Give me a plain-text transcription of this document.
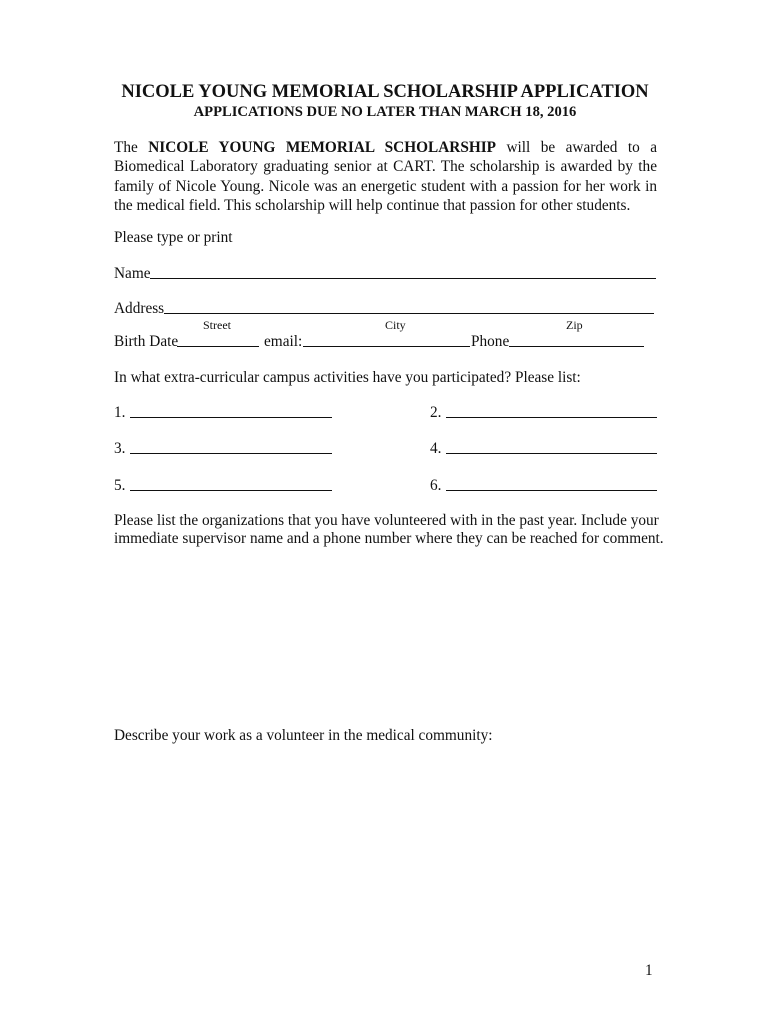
NICOLE YOUNG MEMORIAL SCHOLARSHIP APPLICATION
APPLICATIONS DUE NO LATER THAN MARCH 18, 2016
The NICOLE YOUNG MEMORIAL SCHOLARSHIP will be awarded to a
Biomedical Laboratory graduating senior at CART. The scholarship is awarded by the
family of Nicole Young. Nicole was an energetic student with a passion for her work in
the medical field. This scholarship will help continue that passion for other students.
Please type or print
Name
Address
Street	City	Zip
Birth Date	email:	Phone
In what extra-curricular campus activities have you participated? Please list:
1.	2.
3.	4.
5.	6.
Please list the organizations that you have volunteered with in the past year. Include your
immediate supervisor name and a phone number where they can be reached for comment.
Describe your work as a volunteer in the medical community:
1
